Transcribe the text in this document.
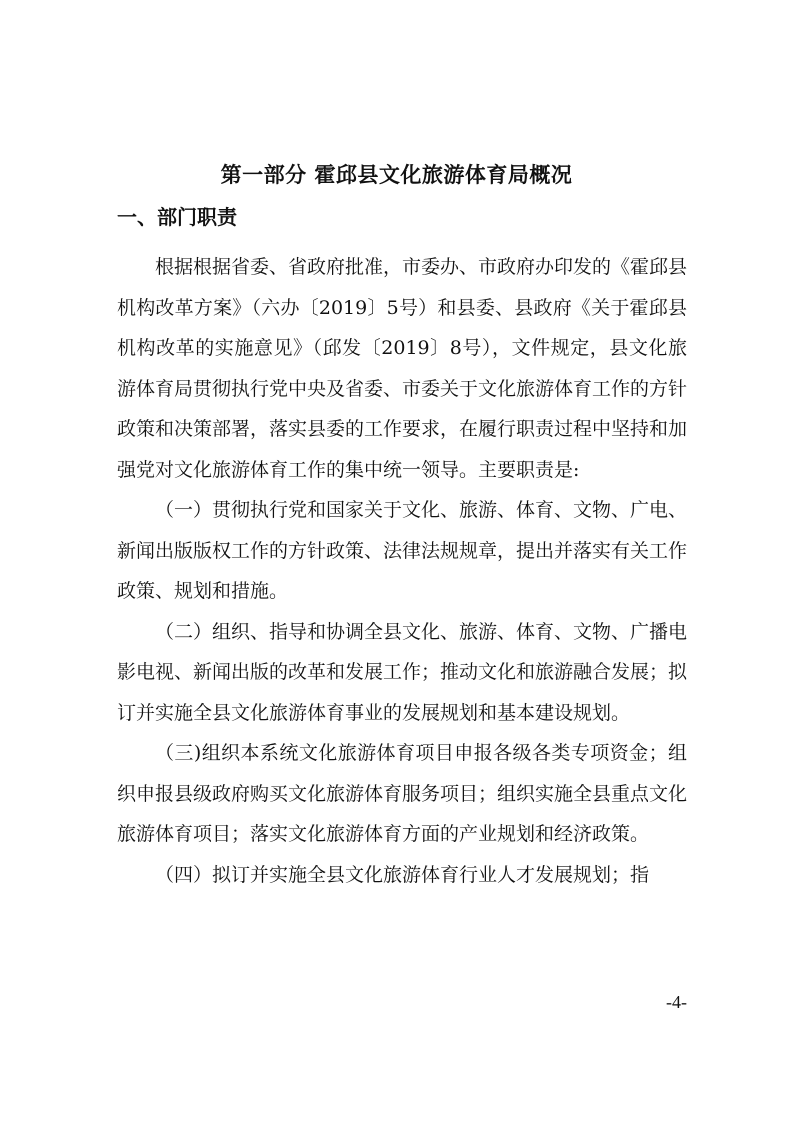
第一部分 霍邱县文化旅游体育局概况
一、部门职责

根据根据省委、省政府批准，市委办、市政府办印发的《霍邱县机构改革方案》（六办〔2019〕5号）和县委、县政府《关于霍邱县机构改革的实施意见》（邱发〔2019〕8号），文件规定，县文化旅游体育局贯彻执行党中央及省委、市委关于文化旅游体育工作的方针政策和决策部署，落实县委的工作要求，在履行职责过程中坚持和加强党对文化旅游体育工作的集中统一领导。主要职责是:

（一）贯彻执行党和国家关于文化、旅游、体育、文物、广电、新闻出版版权工作的方针政策、法律法规规章，提出并落实有关工作政策、规划和措施。

（二）组织、指导和协调全县文化、旅游、体育、文物、广播电影电视、新闻出版的改革和发展工作；推动文化和旅游融合发展；拟订并实施全县文化旅游体育事业的发展规划和基本建设规划。

（三)组织本系统文化旅游体育项目申报各级各类专项资金；组织申报县级政府购买文化旅游体育服务项目；组织实施全县重点文化旅游体育项目；落实文化旅游体育方面的产业规划和经济政策。

（四）拟订并实施全县文化旅游体育行业人才发展规划；指

-4-
